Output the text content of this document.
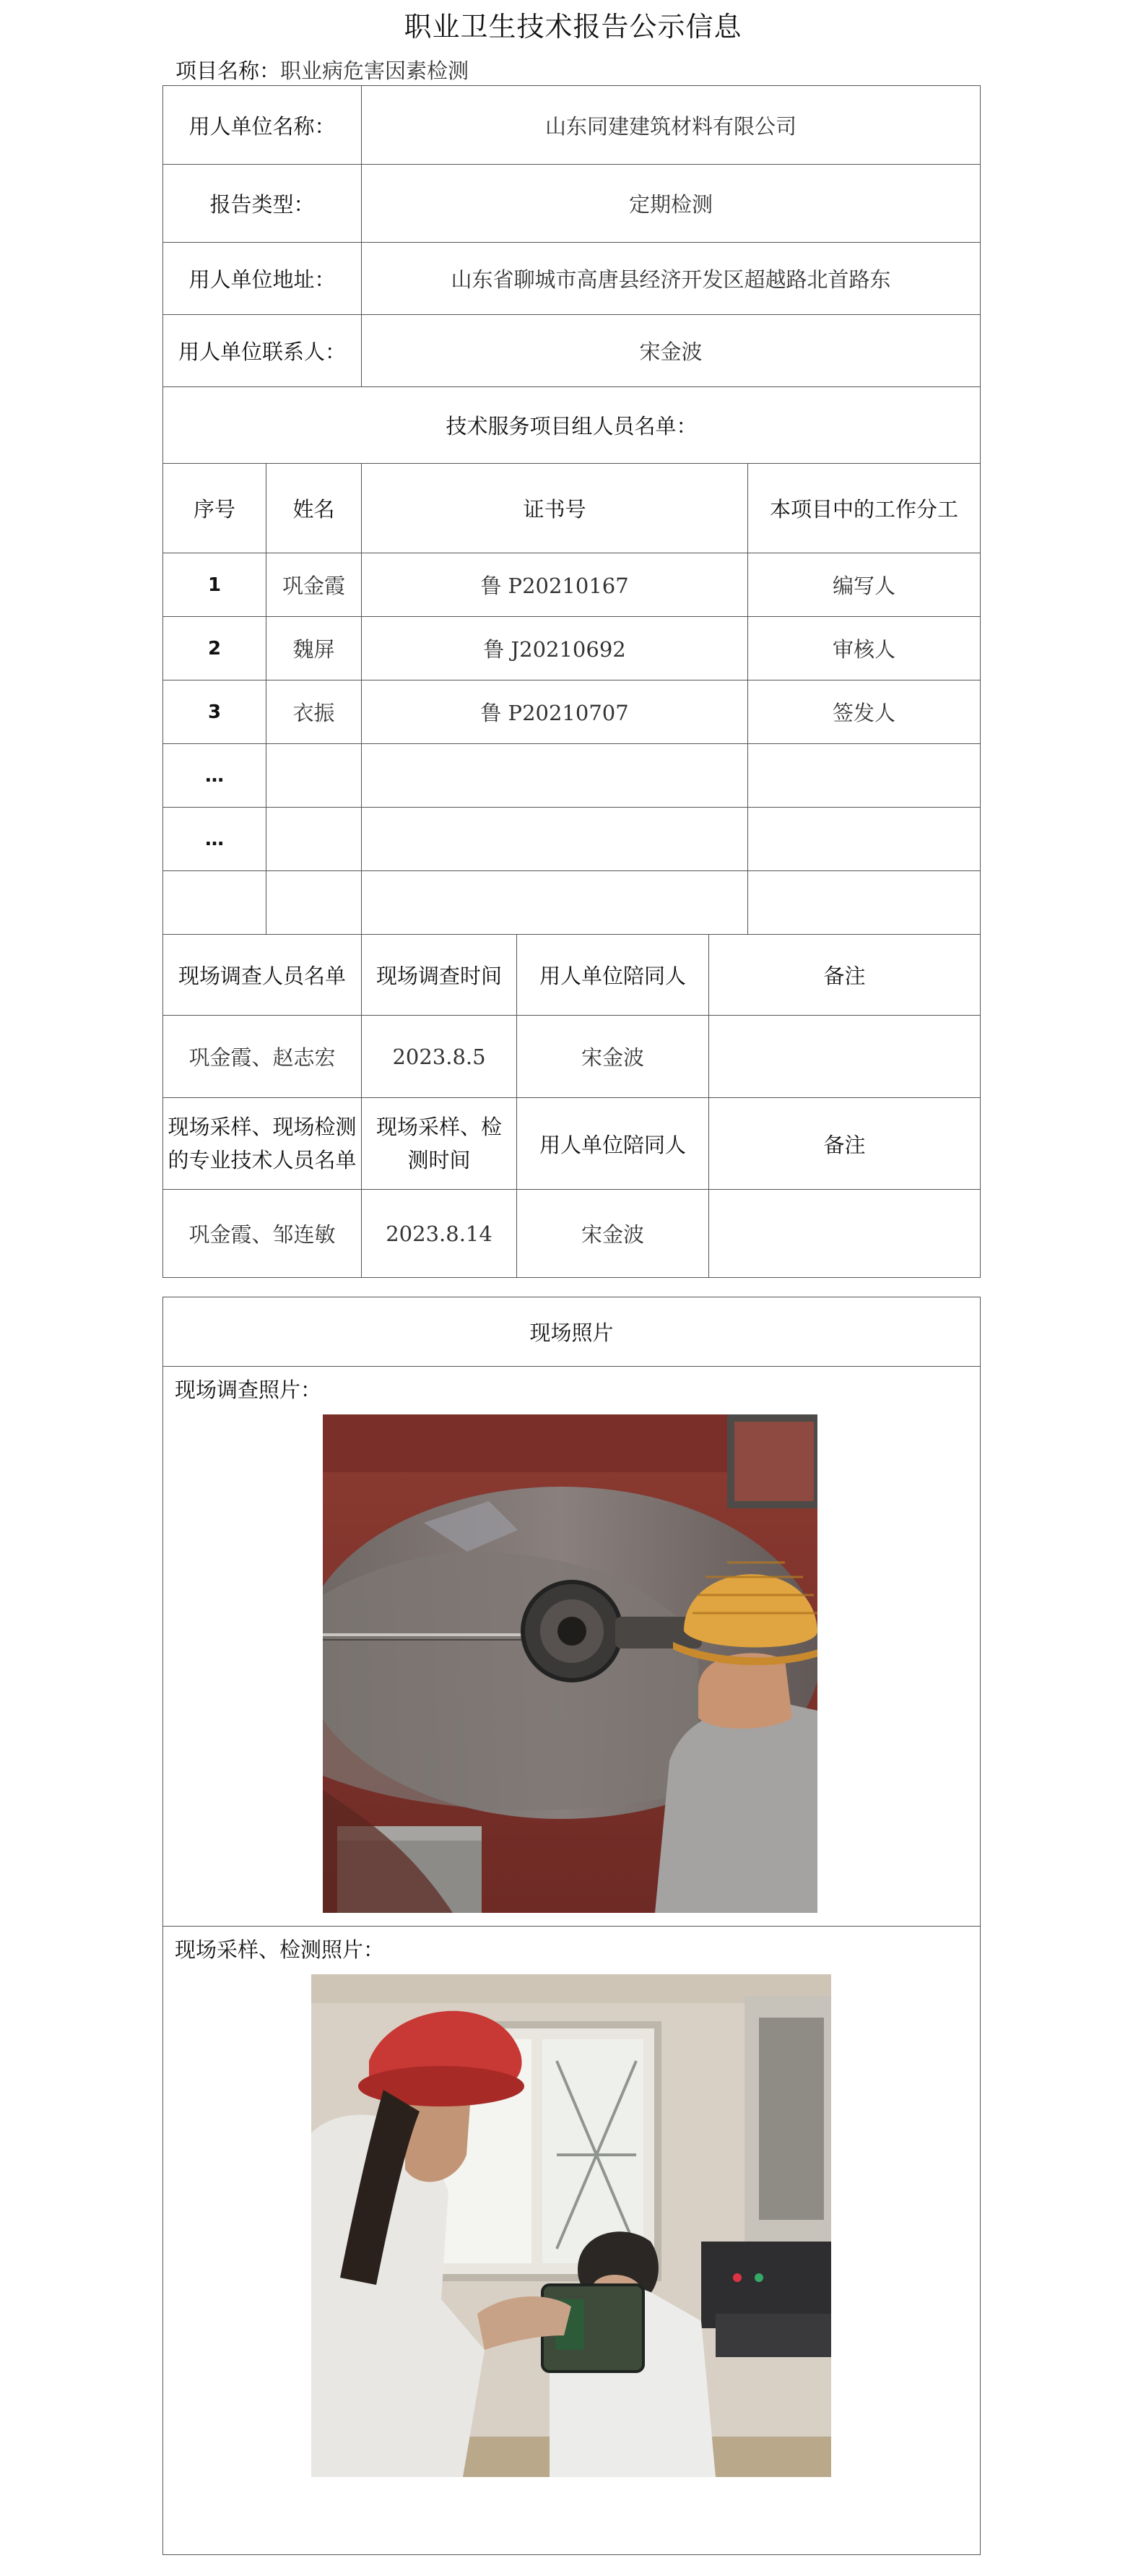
职业卫生技术报告公示信息
项目名称：职业病危害因素检测
用人单位名称：		山东同建建筑材料有限公司			
报告类型：		定期检测			
用人单位地址：		山东省聊城市高唐县经济开发区超越路北首路东			
用人单位联系人：		宋金波			
技术服务项目组人员名单：					
序号	姓名	证书号			本项目中的工作分工
1	巩金霞	鲁 P20210167			编写人
2	魏屏	鲁 J20210692			审核人
3	衣振	鲁 P20210707			签发人
…					
…					

现场调查人员名单		现场调查时间	用人单位陪同人	备注	
巩金霞、赵志宏		2023.8.5	宋金波		
现场采样、现场检测的专业技术人员名单		现场采样、检测时间	用人单位陪同人	备注	
巩金霞、邹连敏		2023.8.14	宋金波		
现场照片

现场调查照片：

现场采样、检测照片：
